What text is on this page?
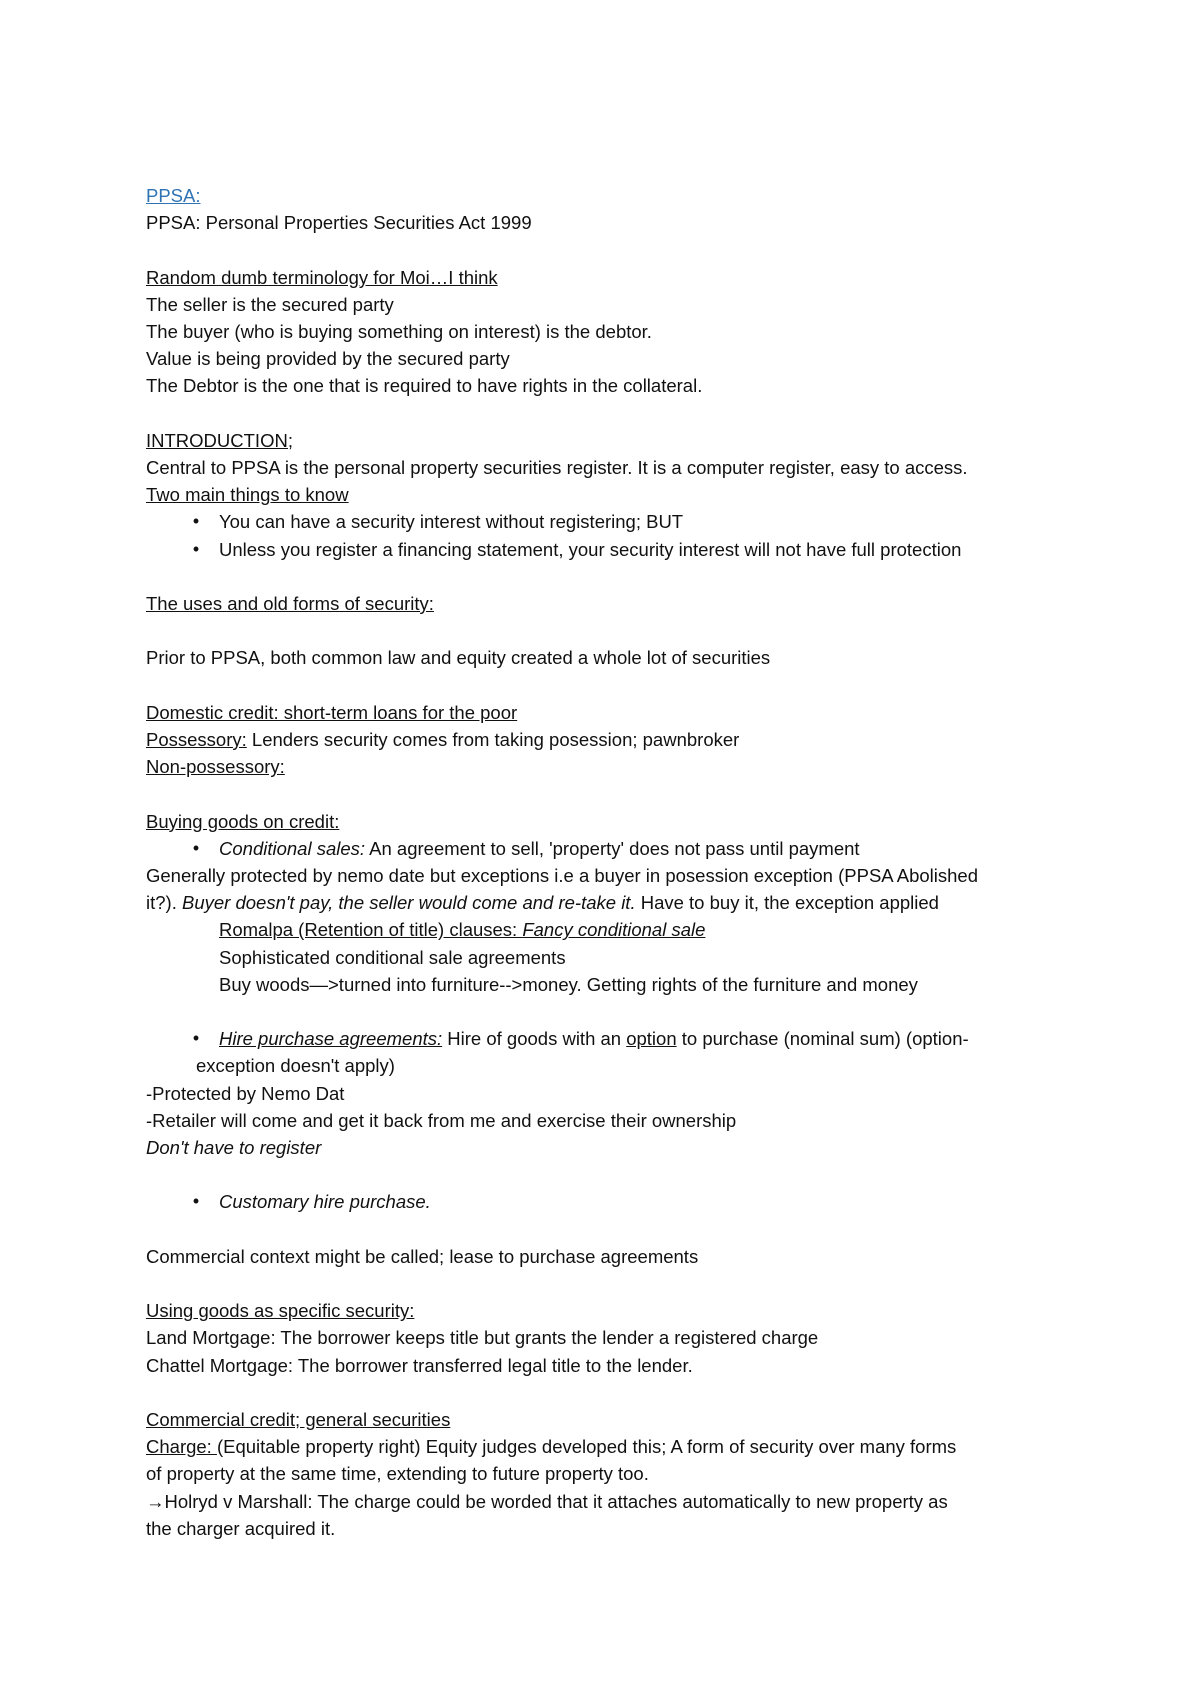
PPSA:
PPSA: Personal Properties Securities Act 1999
Random dumb terminology for Moi…I think
The seller is the secured party
The buyer (who is buying something on interest) is the debtor.
Value is being provided by the secured party
The Debtor is the one that is required to have rights in the collateral.
INTRODUCTION;
Central to PPSA is the personal property securities register. It is a computer register, easy to access.
Two main things to know
•	You can have a security interest without registering; BUT
•	Unless you register a financing statement, your security interest will not have full protection
The uses and old forms of security:
Prior to PPSA, both common law and equity created a whole lot of securities
Domestic credit: short-term loans for the poor
Possessory: Lenders security comes from taking posession; pawnbroker
Non-possessory:
Buying goods on credit:
•	Conditional sales: An agreement to sell, 'property' does not pass until payment
Generally protected by nemo date but exceptions i.e a buyer in posession exception (PPSA Abolished
it?). Buyer doesn't pay, the seller would come and re-take it. Have to buy it, the exception applied
Romalpa (Retention of title) clauses: Fancy conditional sale
Sophisticated conditional sale agreements
Buy woods—>turned into furniture-->money. Getting rights of the furniture and money
•	Hire purchase agreements: Hire of goods with an option to purchase (nominal sum) (option-
exception doesn't apply)
-Protected by Nemo Dat
-Retailer will come and get it back from me and exercise their ownership
Don't have to register
•	Customary hire purchase.
Commercial context might be called; lease to purchase agreements
Using goods as specific security:
Land Mortgage: The borrower keeps title but grants the lender a registered charge
Chattel Mortgage: The borrower transferred legal title to the lender.
Commercial credit; general securities
Charge: (Equitable property right) Equity judges developed this; A form of security over many forms
of property at the same time, extending to future property too.
→Holryd v Marshall: The charge could be worded that it attaches automatically to new property as
the charger acquired it.
